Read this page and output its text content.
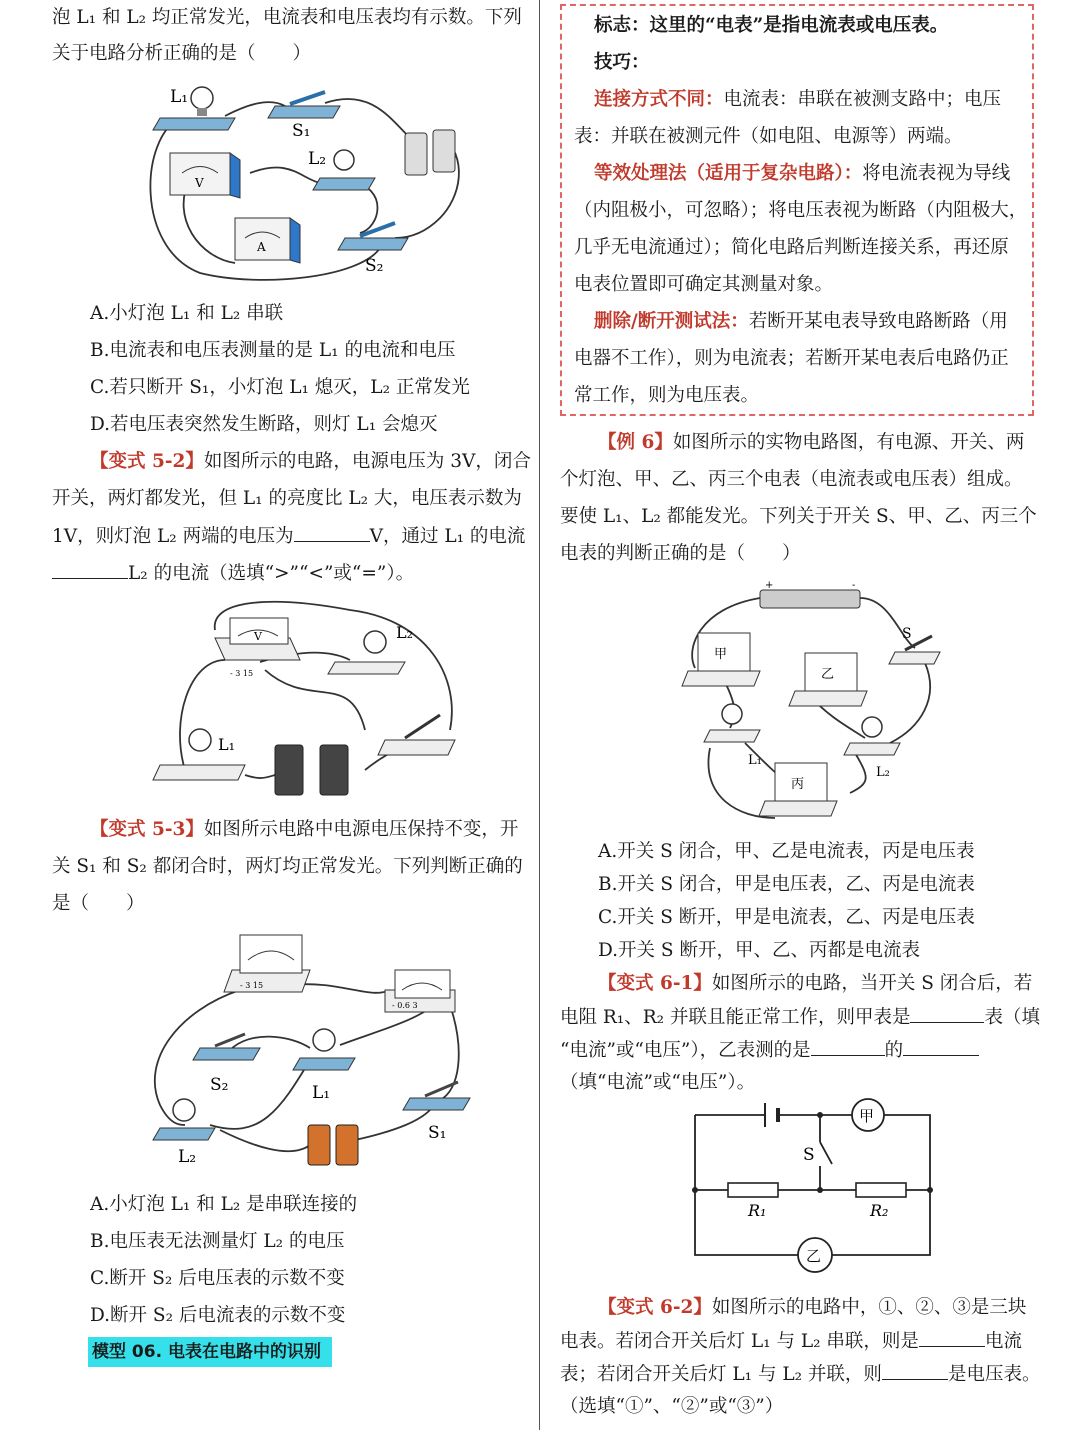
泡 L₁ 和 L₂ 均正常发光，电流表和电压表均有示数。下列
关于电路分析正确的是（　　）
L₁
S₁
V
L₂
A
S₂
A.小灯泡 L₁ 和 L₂ 串联
B.电流表和电压表测量的是 L₁ 的电流和电压
C.若只断开 S₁，小灯泡 L₁ 熄灭，L₂ 正常发光
D.若电压表突然发生断路，则灯 L₁ 会熄灭
【变式 5-2】如图所示的电路，电源电压为 3V，闭合
开关，两灯都发光，但 L₁ 的亮度比 L₂ 大，电压表示数为
1V，则灯泡 L₂ 两端的电压为	V，通过 L₁ 的电流
L₂ 的电流（选填“>”“<”或“=”）。
V
- 3 15
L₂
L₁
【变式 5-3】如图所示电路中电源电压保持不变，开
关 S₁ 和 S₂ 都闭合时，两灯均正常发光。下列判断正确的
是（　　）
- 3 15
- 0.6 3
S₂	L₁
L₂
S₁
A.小灯泡 L₁ 和 L₂ 是串联连接的
B.电压表无法测量灯 L₂ 的电压
C.断开 S₂ 后电压表的示数不变
D.断开 S₂ 后电流表的示数不变
模型 06. 电表在电路中的识别
标志：这里的“电表”是指电流表或电压表。
技巧：
连接方式不同：电流表：串联在被测支路中；电压
表：并联在被测元件（如电阻、电源等）两端。
等效处理法（适用于复杂电路）：将电流表视为导线
（内阻极小，可忽略）；将电压表视为断路（内阻极大，
几乎无电流通过）；简化电路后判断连接关系，再还原
电表位置即可确定其测量对象。
删除/断开测试法：若断开某电表导致电路断路（用
电器不工作），则为电流表；若断开某电表后电路仍正
常工作，则为电压表。
【例 6】如图所示的实物电路图，有电源、开关、两
个灯泡、甲、乙、丙三个电表（电流表或电压表）组成。
要使 L₁、L₂ 都能发光。下列关于开关 S、甲、乙、丙三个
电表的判断正确的是（　　）
+	-
甲
乙
S
L₁
L₂
丙
A.开关 S 闭合，甲、乙是电流表，丙是电压表
B.开关 S 闭合，甲是电压表，乙、丙是电流表
C.开关 S 断开，甲是电流表，乙、丙是电压表
D.开关 S 断开，甲、乙、丙都是电流表
【变式 6-1】如图所示的电路，当开关 S 闭合后，若
电阻 R₁、R₂ 并联且能正常工作，则甲表是	表（填
“电流”或“电压”），乙表测的是	的
（填“电流”或“电压”）。
甲
乙
S
R₁	R₂
【变式 6-2】如图所示的电路中，①、②、③是三块
电表。若闭合开关后灯 L₁ 与 L₂ 串联，则是	电流
表；若闭合开关后灯 L₁ 与 L₂ 并联，则	是电压表。
（选填“①”、“②”或“③”）
